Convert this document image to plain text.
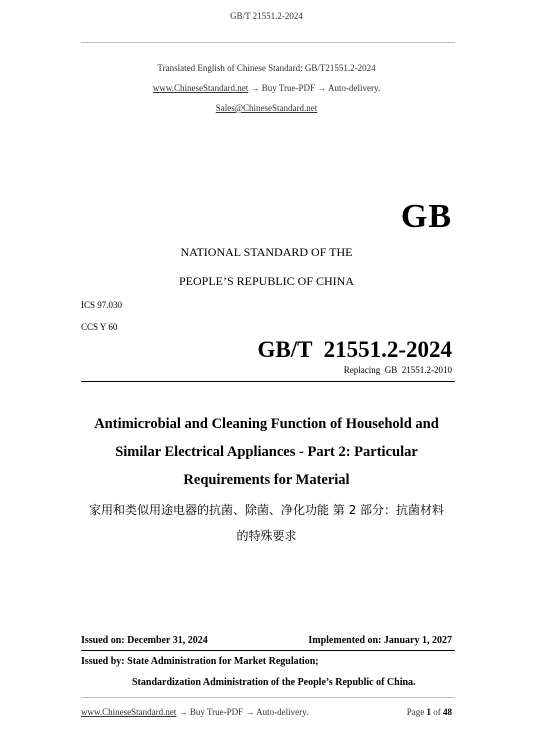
GB/T 21551.2-2024
Translated English of Chinese Standard: GB/T21551.2-2024
www.ChineseStandard.net → Buy True-PDF → Auto-delivery.
Sales@ChineseStandard.net
GB
NATIONAL STANDARD OF THE
PEOPLE’S REPUBLIC OF CHINA
ICS 97.030
CCS Y 60
GB/T  21551.2-2024
Replacing  GB  21551.2-2010
Antimicrobial and Cleaning Function of Household and
Similar Electrical Appliances - Part 2: Particular
Requirements for Material
家用和类似用途电器的抗菌、除菌、净化功能 第 2 部分：抗菌材料
的特殊要求
Issued on: December 31, 2024	Implemented on: January 1, 2027
Issued by: State Administration for Market Regulation;
Standardization Administration of the People’s Republic of China.
www.ChineseStandard.net → Buy True-PDF → Auto-delivery.	Page 1 of 48
